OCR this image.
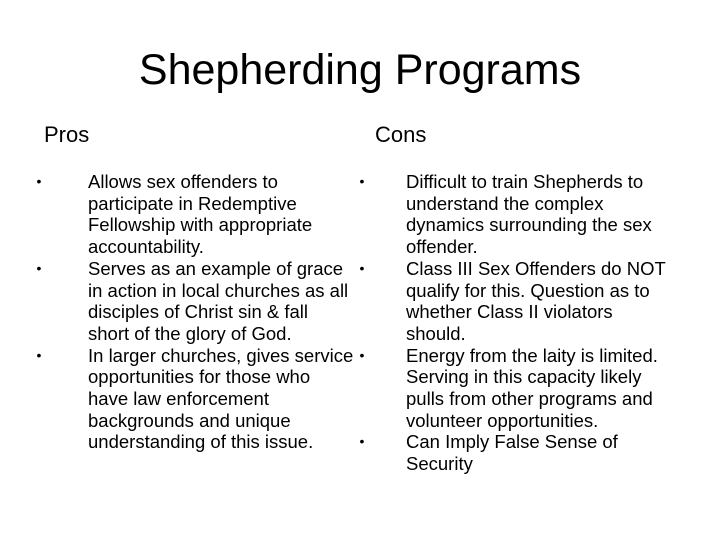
Shepherding Programs
Pros	Cons
•	Allows sex offenders to participate in Redemptive Fellowship with appropriate accountability.
•	Serves as an example of grace in action in local churches as all disciples of Christ sin & fall short of the glory of God.
•	In larger churches, gives service opportunities for those who have law enforcement backgrounds and unique understanding of this issue.
• Difficult to train Shepherds to understand the complex dynamics surrounding the sex offender.
• Class III Sex Offenders do NOT qualify for this. Question as to whether Class II violators should.
• Energy from the laity is limited. Serving in this capacity likely pulls from other programs and volunteer opportunities.
• Can Imply False Sense of Security
